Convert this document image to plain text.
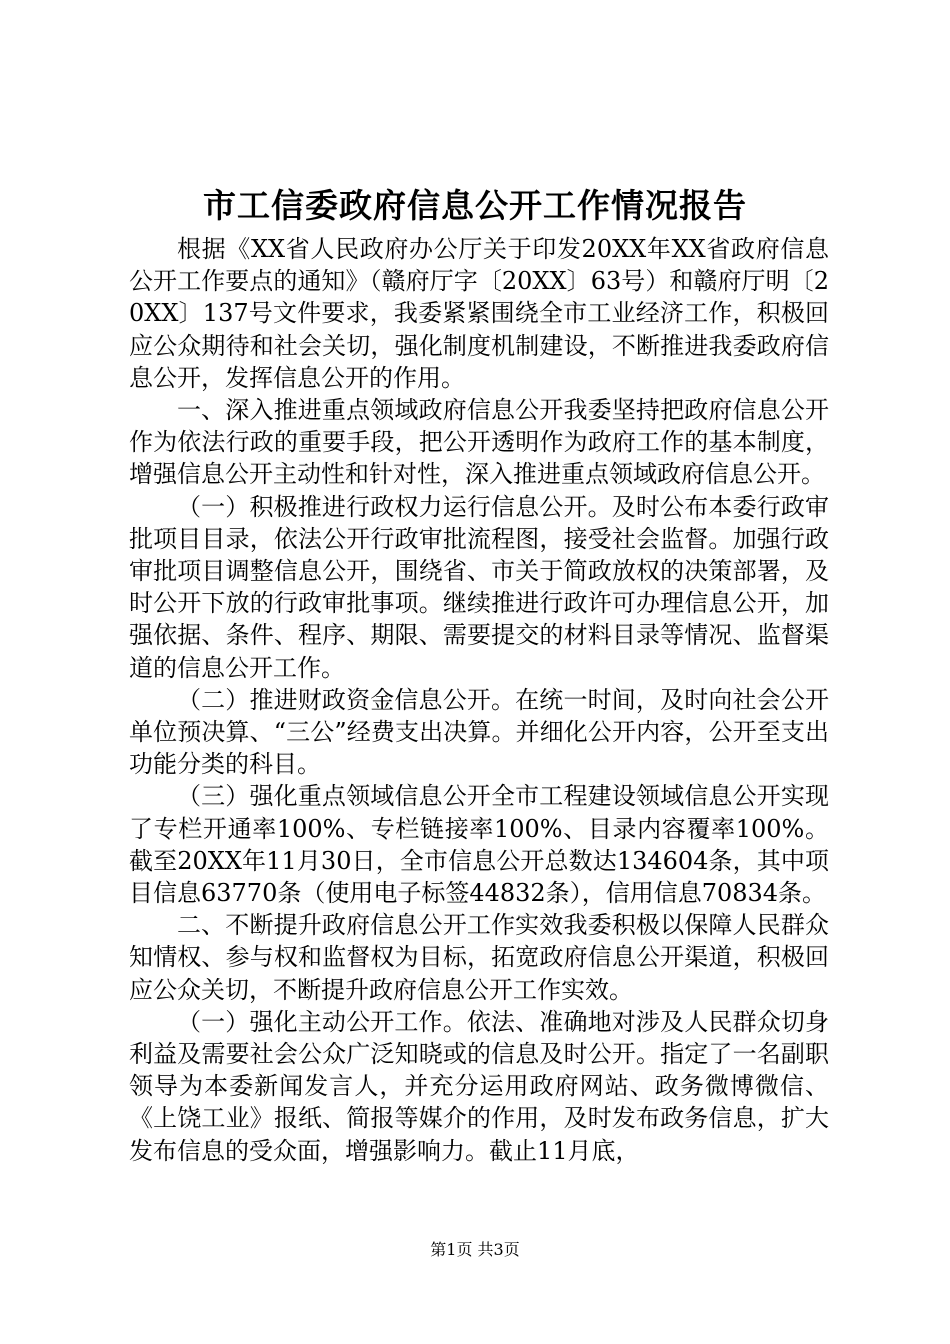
市工信委政府信息公开工作情况报告

根据《XX省人民政府办公厅关于印发20XX年XX省政府信息公开工作要点的通知》（赣府厅字〔20XX〕63号）和赣府厅明〔20XX〕137号文件要求，我委紧紧围绕全市工业经济工作，积极回应公众期待和社会关切，强化制度机制建设，不断推进我委政府信息公开，发挥信息公开的作用。

一、深入推进重点领域政府信息公开我委坚持把政府信息公开作为依法行政的重要手段，把公开透明作为政府工作的基本制度，增强信息公开主动性和针对性，深入推进重点领域政府信息公开。

（一）积极推进行政权力运行信息公开。及时公布本委行政审批项目目录，依法公开行政审批流程图，接受社会监督。加强行政审批项目调整信息公开，围绕省、市关于简政放权的决策部署，及时公开下放的行政审批事项。继续推进行政许可办理信息公开，加强依据、条件、程序、期限、需要提交的材料目录等情况、监督渠道的信息公开工作。

（二）推进财政资金信息公开。在统一时间，及时向社会公开单位预决算、“三公”经费支出决算。并细化公开内容，公开至支出功能分类的科目。

（三）强化重点领域信息公开全市工程建设领域信息公开实现了专栏开通率100%、专栏链接率100%、目录内容覆率100%。截至20XX年11月30日，全市信息公开总数达134604条，其中项目信息63770条（使用电子标签44832条），信用信息70834条。

二、不断提升政府信息公开工作实效我委积极以保障人民群众知情权、参与权和监督权为目标，拓宽政府信息公开渠道，积极回应公众关切，不断提升政府信息公开工作实效。

（一）强化主动公开工作。依法、准确地对涉及人民群众切身利益及需要社会公众广泛知晓或的信息及时公开。指定了一名副职领导为本委新闻发言人，并充分运用政府网站、政务微博微信、《上饶工业》报纸、简报等媒介的作用，及时发布政务信息，扩大发布信息的受众面，增强影响力。截止11月底，

第1页 共3页
